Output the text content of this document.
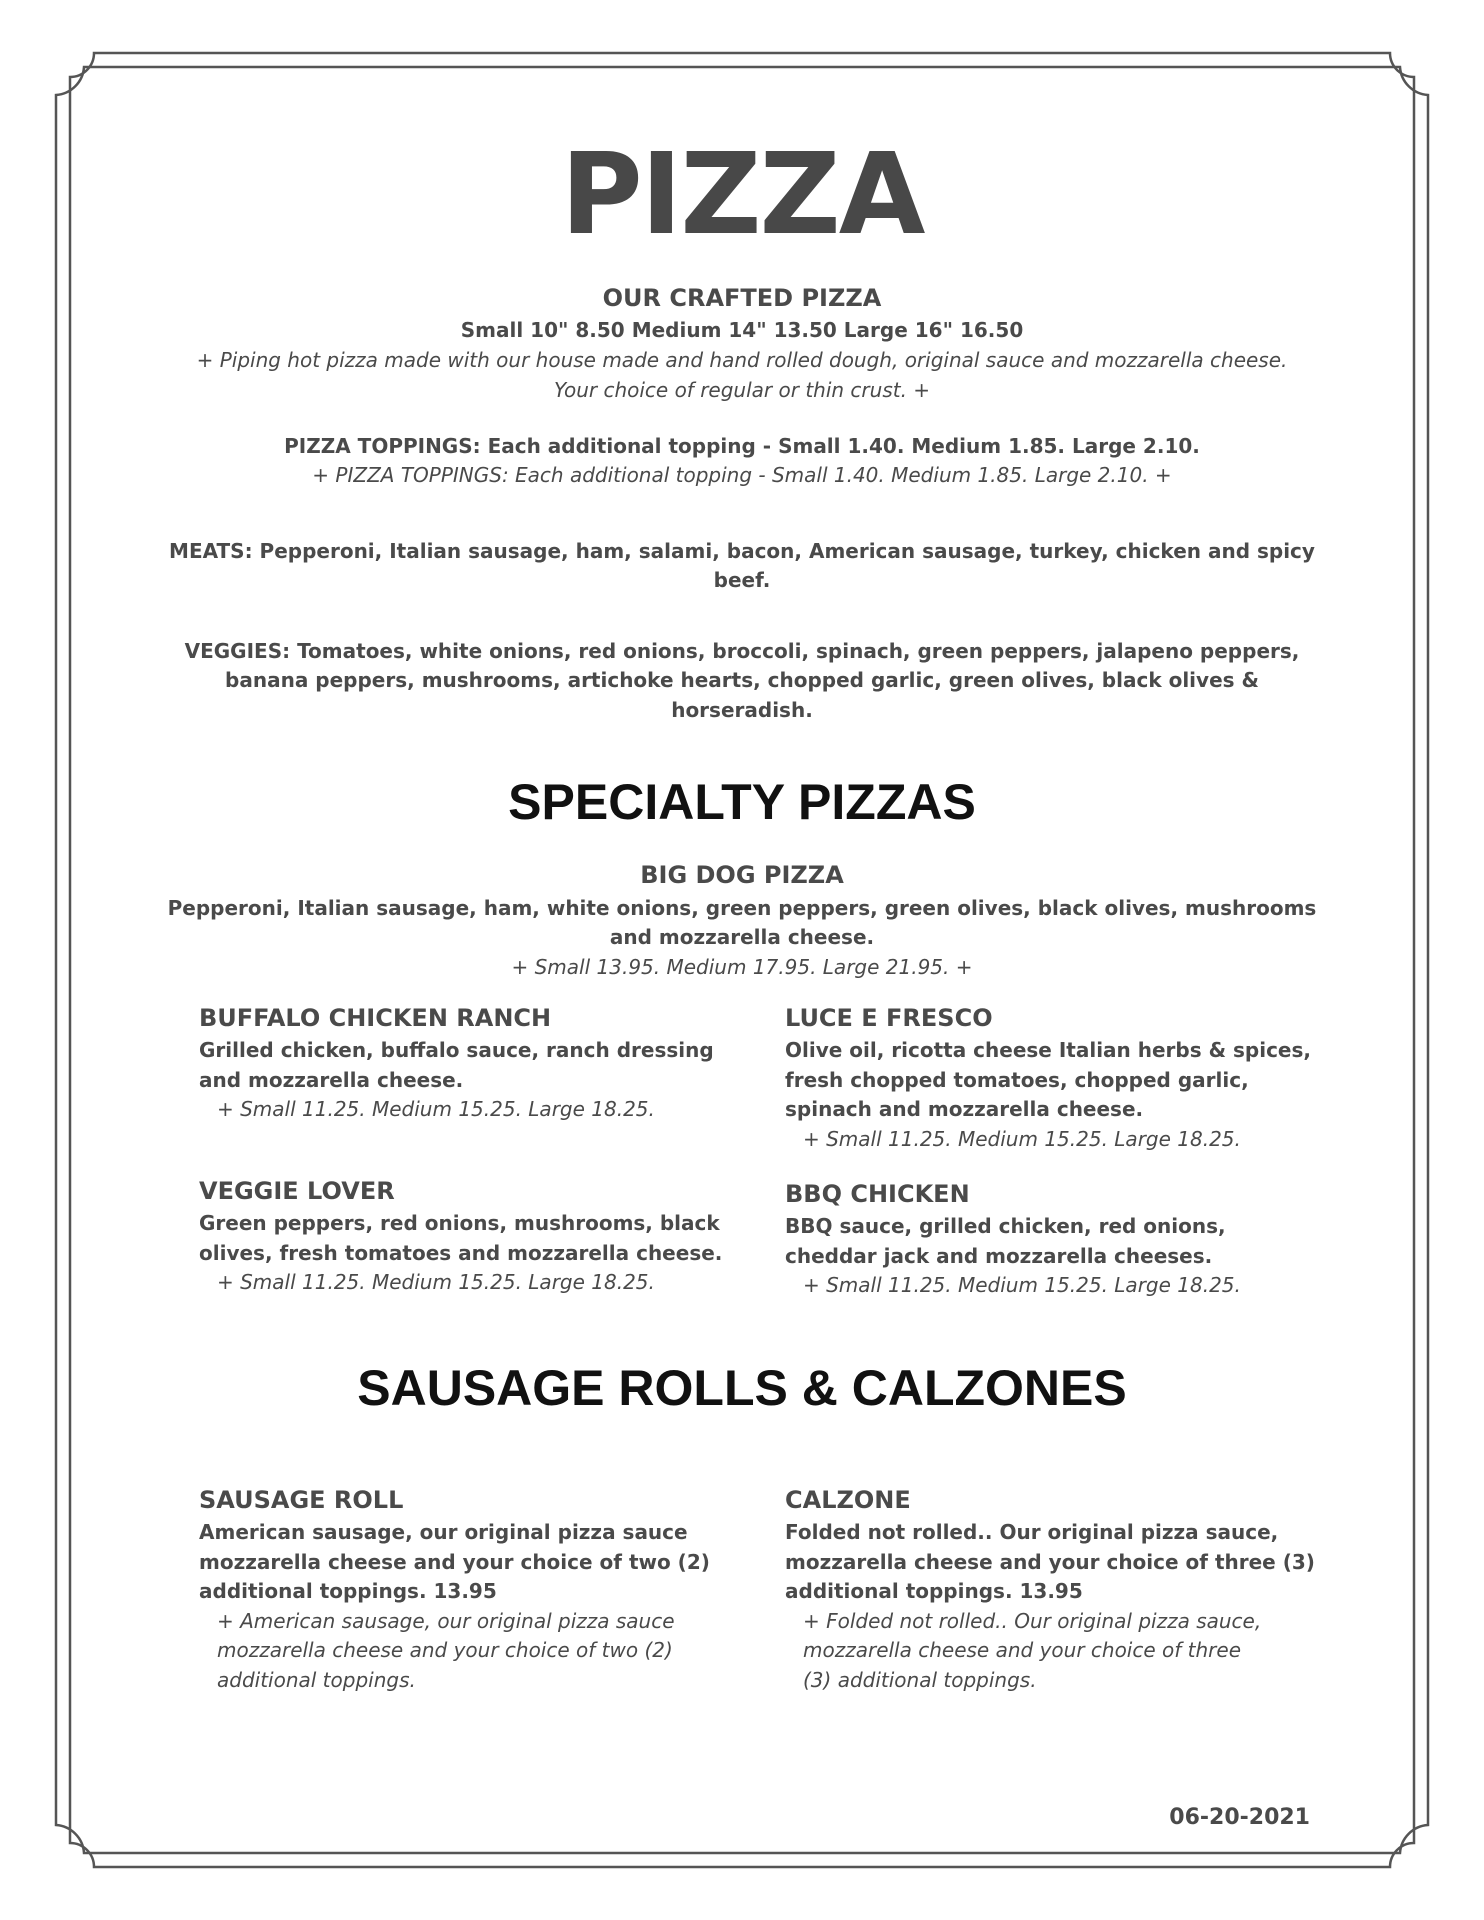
PIZZA
OUR CRAFTED PIZZA
Small 10" 8.50 Medium 14" 13.50 Large 16" 16.50
+ Piping hot pizza made with our house made and hand rolled dough, original sauce and mozzarella cheese.
Your choice of regular or thin crust. +
PIZZA TOPPINGS: Each additional topping - Small 1.40. Medium 1.85. Large 2.10.
+ PIZZA TOPPINGS: Each additional topping - Small 1.40. Medium 1.85. Large 2.10. +
MEATS: Pepperoni, Italian sausage, ham, salami, bacon, American sausage, turkey, chicken and spicy
beef.
VEGGIES: Tomatoes, white onions, red onions, broccoli, spinach, green peppers, jalapeno peppers,
banana peppers, mushrooms, artichoke hearts, chopped garlic, green olives, black olives &
horseradish.
SPECIALTY PIZZAS
BIG DOG PIZZA
Pepperoni, Italian sausage, ham, white onions, green peppers, green olives, black olives, mushrooms
and mozzarella cheese.
+ Small 13.95. Medium 17.95. Large 21.95. +
BUFFALO CHICKEN RANCH
Grilled chicken, buffalo sauce, ranch dressing
and mozzarella cheese.
+ Small 11.25. Medium 15.25. Large 18.25.
LUCE E FRESCO
Olive oil, ricotta cheese Italian herbs & spices,
fresh chopped tomatoes, chopped garlic,
spinach and mozzarella cheese.
+ Small 11.25. Medium 15.25. Large 18.25.
VEGGIE LOVER
Green peppers, red onions, mushrooms, black
olives, fresh tomatoes and mozzarella cheese.
+ Small 11.25. Medium 15.25. Large 18.25.
BBQ CHICKEN
BBQ sauce, grilled chicken, red onions,
cheddar jack and mozzarella cheeses.
+ Small 11.25. Medium 15.25. Large 18.25.
SAUSAGE ROLLS & CALZONES
SAUSAGE ROLL
American sausage, our original pizza sauce
mozzarella cheese and your choice of two (2)
additional toppings. 13.95
+ American sausage, our original pizza sauce
mozzarella cheese and your choice of two (2)
additional toppings.
CALZONE
Folded not rolled.. Our original pizza sauce,
mozzarella cheese and your choice of three (3)
additional toppings. 13.95
+ Folded not rolled.. Our original pizza sauce,
mozzarella cheese and your choice of three
(3) additional toppings.
06-20-2021
